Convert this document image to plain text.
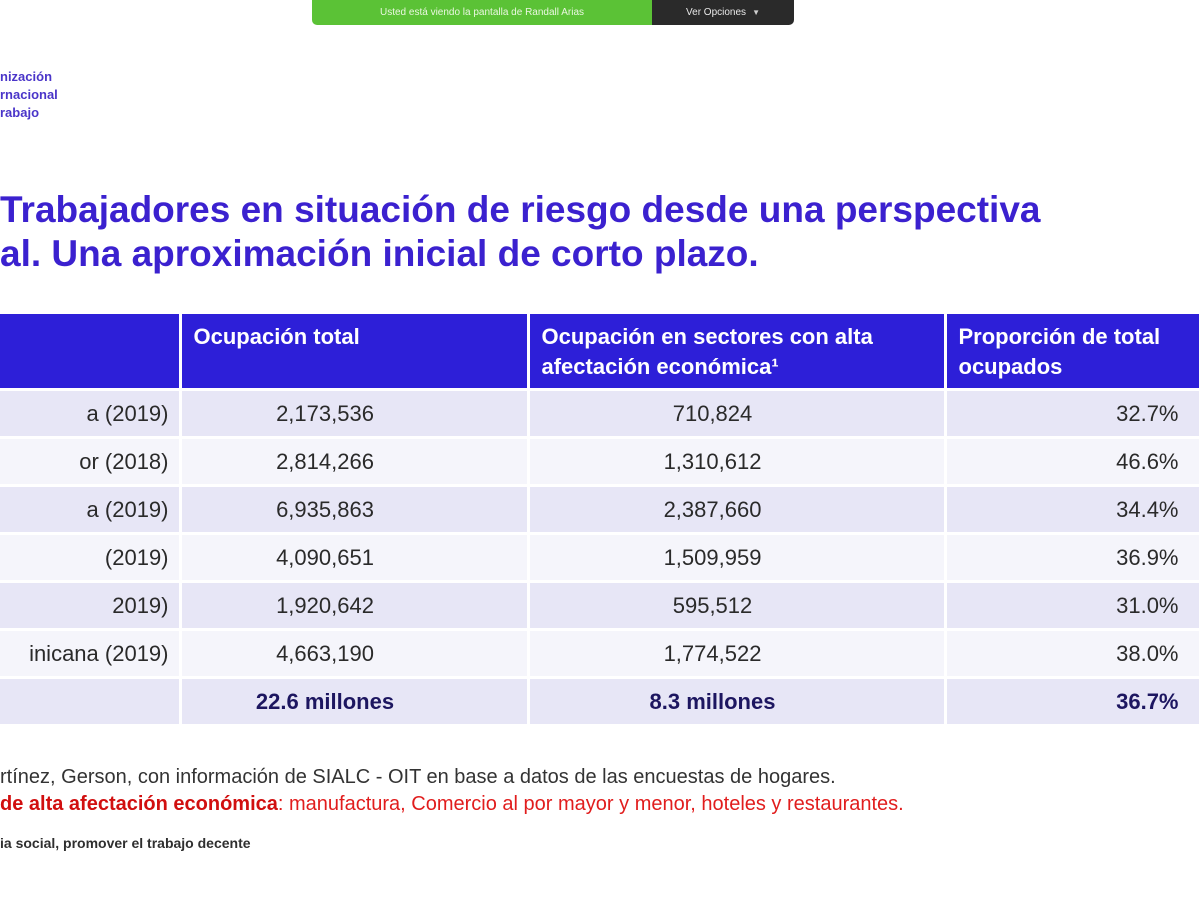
Usted está viendo la pantalla de Randall Arias	Ver Opciones ▼
nización
rnacional
rabajo
Trabajadores en situación de riesgo desde una perspectiva
al. Una aproximación inicial de corto plazo.
	Ocupación total	Ocupación en sectores con alta afectación económica¹	Proporción de total ocupados
a (2019)	2,173,536	710,824	32.7%
or (2018)	2,814,266	1,310,612	46.6%
a (2019)	6,935,863	2,387,660	34.4%
(2019)	4,090,651	1,509,959	36.9%
2019)	1,920,642	595,512	31.0%
inicana (2019)	4,663,190	1,774,522	38.0%
	22.6 millones	8.3 millones	36.7%

rtínez, Gerson, con información de SIALC - OIT en base a datos de las encuestas de hogares.

de alta afectación económica: manufactura, Comercio al por mayor y menor, hoteles y restaurantes.

ia social, promover el trabajo decente
